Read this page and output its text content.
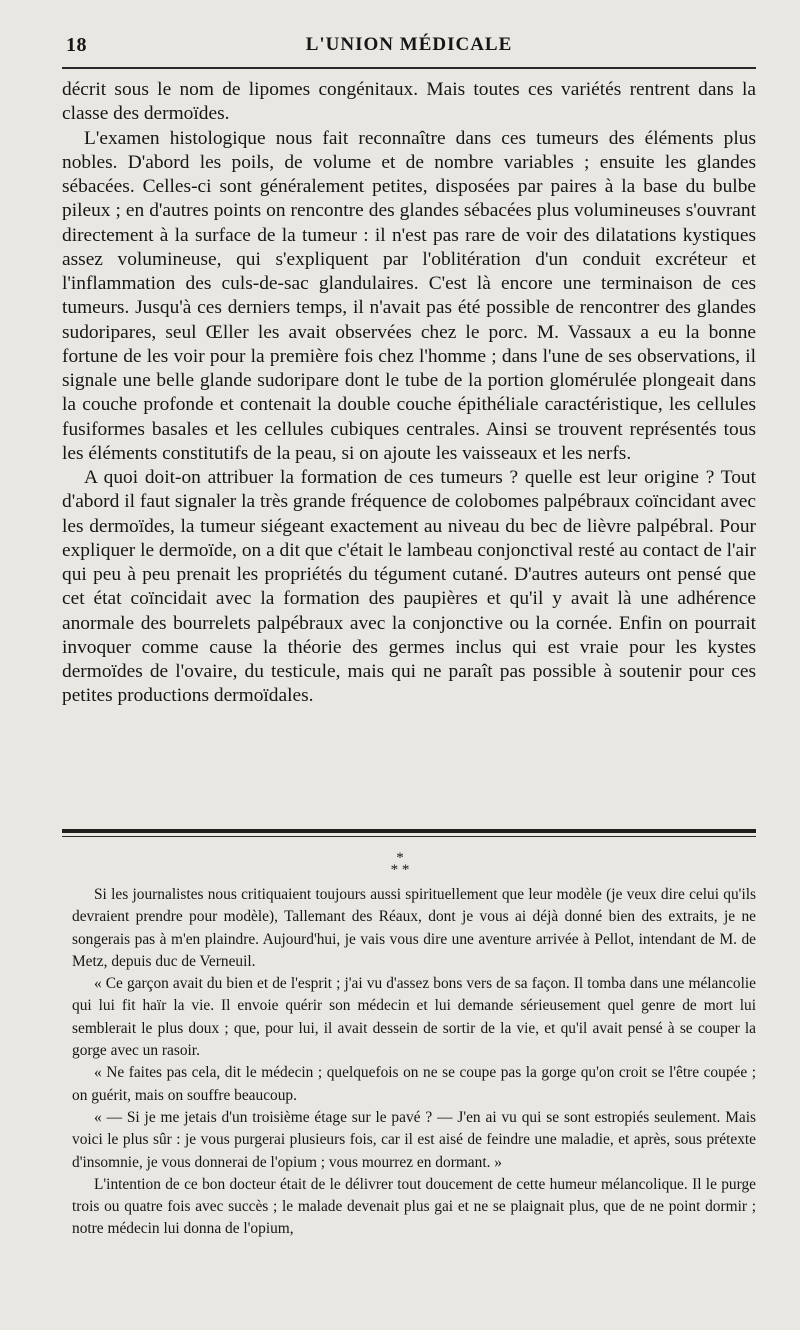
18	L'UNION MÉDICALE

décrit sous le nom de lipomes congénitaux. Mais toutes ces variétés rentrent dans la classe des dermoïdes.

L'examen histologique nous fait reconnaître dans ces tumeurs des éléments plus nobles. D'abord les poils, de volume et de nombre variables ; ensuite les glandes sébacées. Celles-ci sont généralement petites, disposées par paires à la base du bulbe pileux ; en d'autres points on rencontre des glandes sébacées plus volumineuses s'ouvrant directement à la surface de la tumeur : il n'est pas rare de voir des dilatations kystiques assez volumineuse, qui s'expliquent par l'oblitération d'un conduit excréteur et l'inflammation des culs-de-sac glandulaires. C'est là encore une terminaison de ces tumeurs. Jusqu'à ces derniers temps, il n'avait pas été possible de rencontrer des glandes sudoripares, seul Œller les avait observées chez le porc. M. Vassaux a eu la bonne fortune de les voir pour la première fois chez l'homme ; dans l'une de ses observations, il signale une belle glande sudoripare dont le tube de la portion glomérulée plongeait dans la couche profonde et contenait la double couche épithéliale caractéristique, les cellules fusiformes basales et les cellules cubiques centrales. Ainsi se trouvent représentés tous les éléments constitutifs de la peau, si on ajoute les vaisseaux et les nerfs.

A quoi doit-on attribuer la formation de ces tumeurs ? quelle est leur origine ? Tout d'abord il faut signaler la très grande fréquence de colobomes palpébraux coïncidant avec les dermoïdes, la tumeur siégeant exactement au niveau du bec de lièvre palpébral. Pour expliquer le dermoïde, on a dit que c'était le lambeau conjonctival resté au contact de l'air qui peu à peu prenait les propriétés du tégument cutané. D'autres auteurs ont pensé que cet état coïncidait avec la formation des paupières et qu'il y avait là une adhérence anormale des bourrelets palpébraux avec la conjonctive ou la cornée. Enfin on pourrait invoquer comme cause la théorie des germes inclus qui est vraie pour les kystes dermoïdes de l'ovaire, du testicule, mais qui ne paraît pas possible à soutenir pour ces petites productions dermoïdales.

*
* *

Si les journalistes nous critiquaient toujours aussi spirituellement que leur modèle (je veux dire celui qu'ils devraient prendre pour modèle), Tallemant des Réaux, dont je vous ai déjà donné bien des extraits, je ne songerais pas à m'en plaindre. Aujourd'hui, je vais vous dire une aventure arrivée à Pellot, intendant de M. de Metz, depuis duc de Verneuil.

« Ce garçon avait du bien et de l'esprit ; j'ai vu d'assez bons vers de sa façon. Il tomba dans une mélancolie qui lui fit haïr la vie. Il envoie quérir son médecin et lui demande sérieusement quel genre de mort lui semblerait le plus doux ; que, pour lui, il avait dessein de sortir de la vie, et qu'il avait pensé à se couper la gorge avec un rasoir.

« Ne faites pas cela, dit le médecin ; quelquefois on ne se coupe pas la gorge qu'on croit se l'être coupée ; on guérit, mais on souffre beaucoup.

« — Si je me jetais d'un troisième étage sur le pavé ? — J'en ai vu qui se sont estropiés seulement. Mais voici le plus sûr : je vous purgerai plusieurs fois, car il est aisé de feindre une maladie, et après, sous prétexte d'insomnie, je vous donnerai de l'opium ; vous mourrez en dormant. »

L'intention de ce bon docteur était de le délivrer tout doucement de cette humeur mélancolique. Il le purge trois ou quatre fois avec succès ; le malade devenait plus gai et ne se plaignait plus, que de ne point dormir ; notre médecin lui donna de l'opium,
